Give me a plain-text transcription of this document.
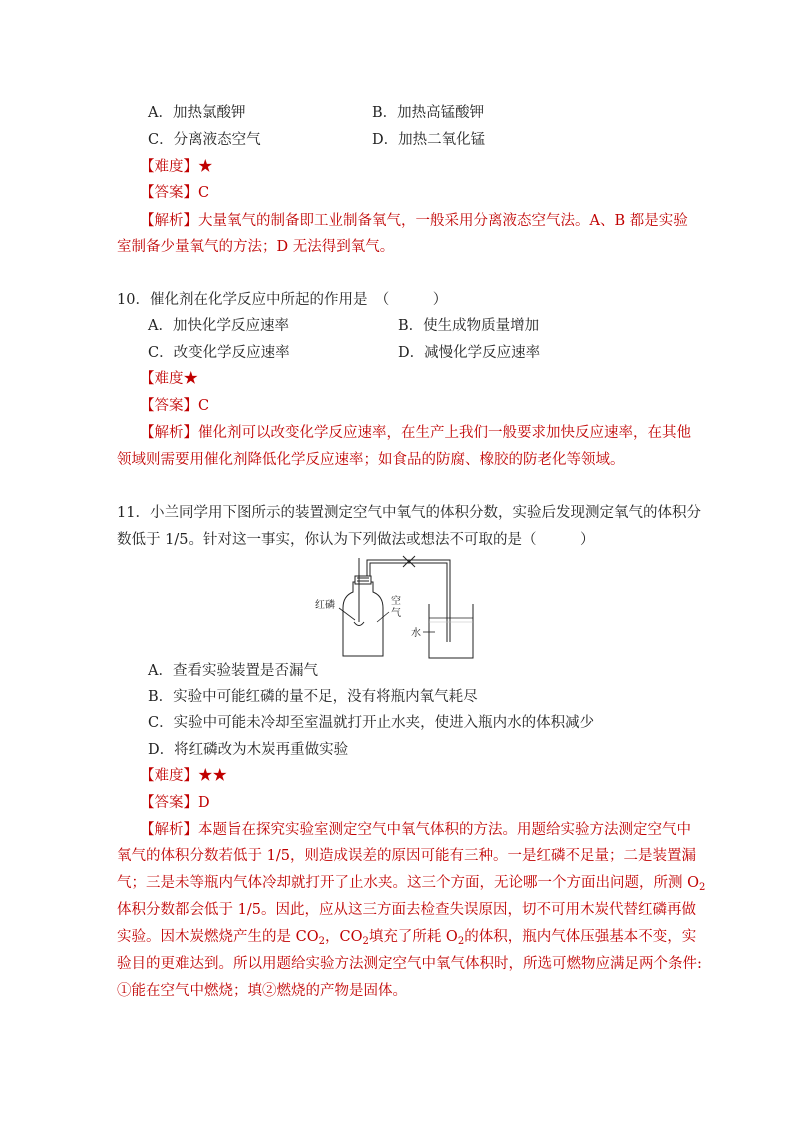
A．加热氯酸钾	B．加热高锰酸钾
C．分离液态空气	D．加热二氧化锰
【难度】★
【答案】C
【解析】大量氧气的制备即工业制备氧气，一般采用分离液态空气法。A、B 都是实验
室制备少量氧气的方法；D 无法得到氧气。
10．催化剂在化学反应中所起的作用是　（　　　）
A．加快化学反应速率	B．使生成物质量增加
C．改变化学反应速率	D．减慢化学反应速率
【难度★
【答案】C
【解析】催化剂可以改变化学反应速率，在生产上我们一般要求加快反应速率，在其他
领域则需要用催化剂降低化学反应速率；如食品的防腐、橡胶的防老化等领域。
11．小兰同学用下图所示的装置测定空气中氧气的体积分数，实验后发现测定氧气的体积分
数低于 1/5。针对这一事实，你认为下列做法或想法不可取的是（　　　）
红磷	空
气
水
A．查看实验装置是否漏气
B．实验中可能红磷的量不足，没有将瓶内氧气耗尽
C．实验中可能未冷却至室温就打开止水夹，使进入瓶内水的体积减少
D．将红磷改为木炭再重做实验
【难度】★★
【答案】D
【解析】本题旨在探究实验室测定空气中氧气体积的方法。用题给实验方法测定空气中
氧气的体积分数若低于 1/5，则造成误差的原因可能有三种。一是红磷不足量；二是装置漏
气；三是未等瓶内气体冷却就打开了止水夹。这三个方面，无论哪一个方面出问题，所测 $O_2$
体积分数都会低于 1/5。因此，应从这三方面去检查失误原因，切不可用木炭代替红磷再做
实验。因木炭燃烧产生的是 $CO_2$，$CO_2$填充了所耗 $O_2$的体积，瓶内气体压强基本不变，实
验目的更难达到。所以用题给实验方法测定空气中氧气体积时，所选可燃物应满足两个条件:
①能在空气中燃烧；填②燃烧的产物是固体。
